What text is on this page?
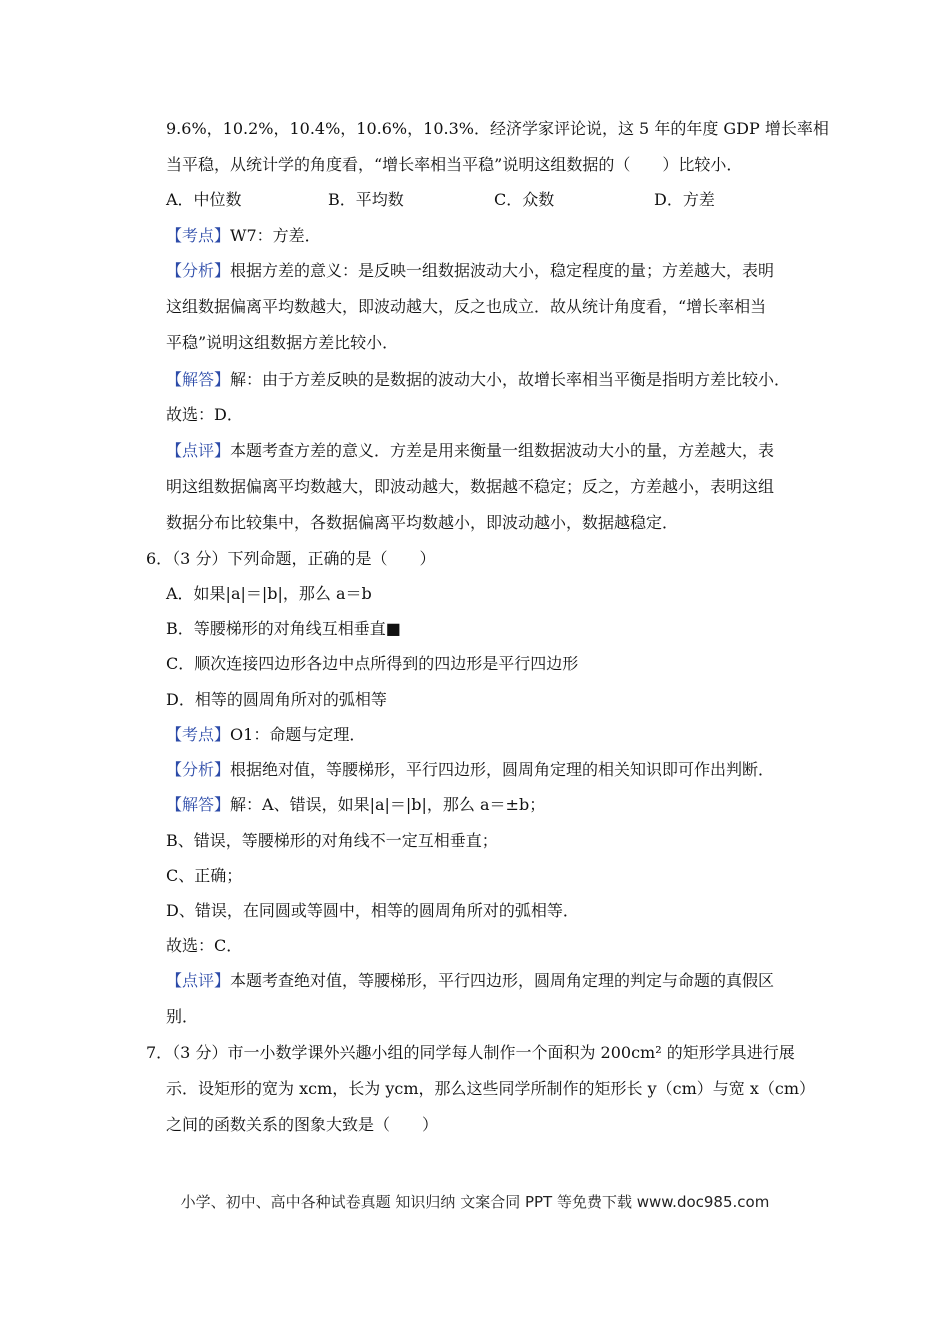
9.6%，10.2%，10.4%，10.6%，10.3%．经济学家评论说，这 5 年的年度 GDP 增长率相
当平稳，从统计学的角度看，“增长率相当平稳”说明这组数据的（　　）比较小．
A．中位数	B．平均数	C．众数	D．方差
【考点】W7：方差．
【分析】根据方差的意义：是反映一组数据波动大小，稳定程度的量；方差越大，表明
这组数据偏离平均数越大，即波动越大，反之也成立．故从统计角度看，“增长率相当
平稳”说明这组数据方差比较小．
【解答】解：由于方差反映的是数据的波动大小，故增长率相当平衡是指明方差比较小．
故选：D．
【点评】本题考查方差的意义．方差是用来衡量一组数据波动大小的量，方差越大，表
明这组数据偏离平均数越大，即波动越大，数据越不稳定；反之，方差越小，表明这组
数据分布比较集中，各数据偏离平均数越小，即波动越小，数据越稳定．
6．（3 分）下列命题，正确的是（　　）
A．如果|a|＝|b|，那么 a＝b
B．等腰梯形的对角线互相垂直■
C．顺次连接四边形各边中点所得到的四边形是平行四边形
D．相等的圆周角所对的弧相等
【考点】O1：命题与定理．
【分析】根据绝对值，等腰梯形，平行四边形，圆周角定理的相关知识即可作出判断．
【解答】解：A、错误，如果|a|＝|b|，那么 a＝±b；
B、错误，等腰梯形的对角线不一定互相垂直；
C、正确；
D、错误，在同圆或等圆中，相等的圆周角所对的弧相等．
故选：C．
【点评】本题考查绝对值，等腰梯形，平行四边形，圆周角定理的判定与命题的真假区
别．
7．（3 分）市一小数学课外兴趣小组的同学每人制作一个面积为 200cm² 的矩形学具进行展
示．设矩形的宽为 xcm，长为 ycm，那么这些同学所制作的矩形长 y（cm）与宽 x（cm）
之间的函数关系的图象大致是（　　）
小学、初中、高中各种试卷真题 知识归纳 文案合同 PPT 等免费下载 www.doc985.com
